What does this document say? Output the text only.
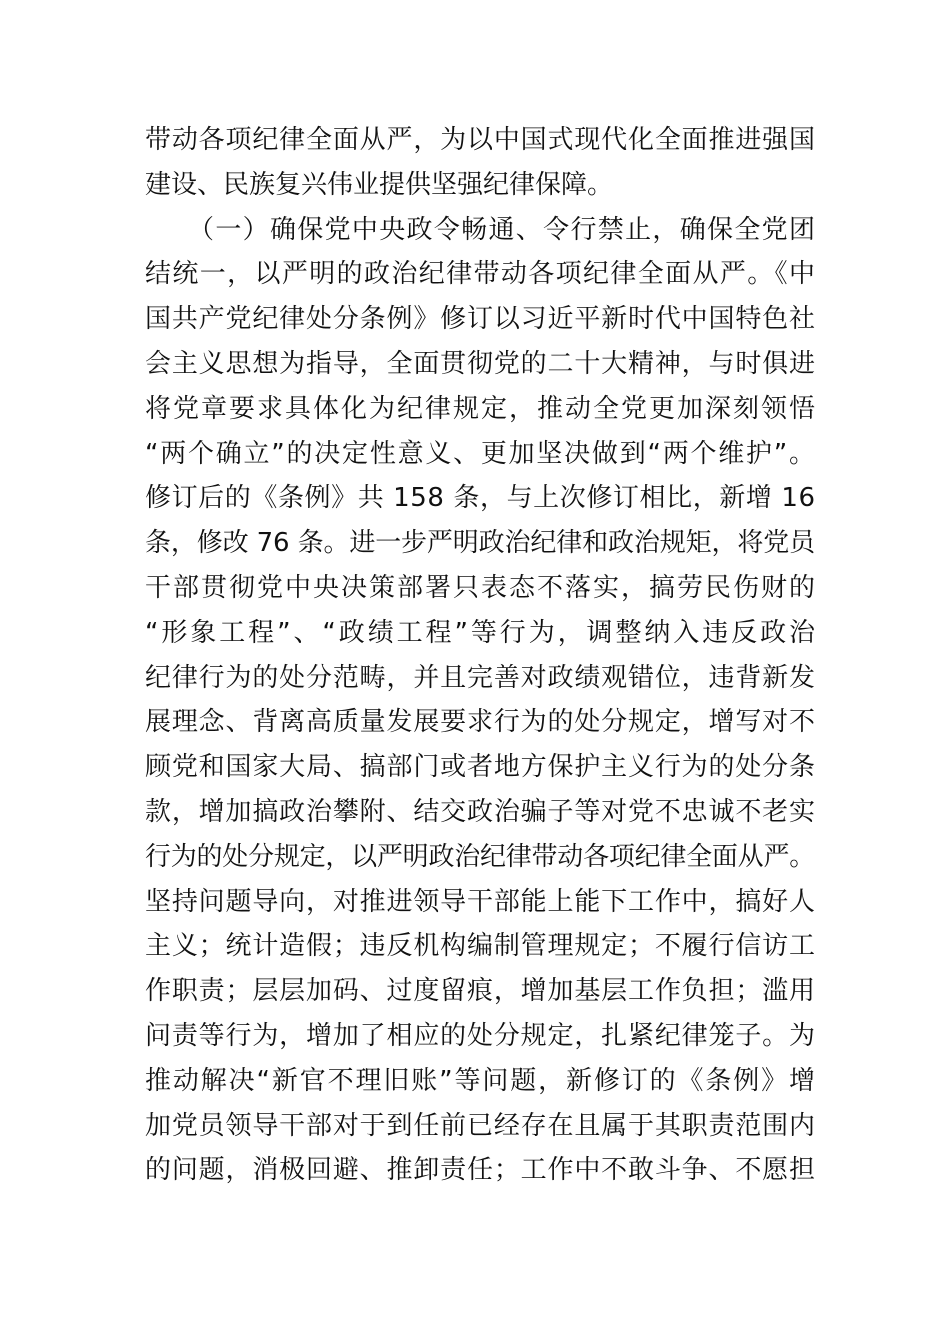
带动各项纪律全面从严，为以中国式现代化全面推进强国
建设、民族复兴伟业提供坚强纪律保障。
（一）确保党中央政令畅通、令行禁止，确保全党团
结统一，以严明的政治纪律带动各项纪律全面从严。《中
国共产党纪律处分条例》修订以习近平新时代中国特色社
会主义思想为指导，全面贯彻党的二十大精神，与时俱进
将党章要求具体化为纪律规定，推动全党更加深刻领悟
“两个确立”的决定性意义、更加坚决做到“两个维护”。
修订后的《条例》共 158 条，与上次修订相比，新增 16
条，修改 76 条。进一步严明政治纪律和政治规矩，将党员
干部贯彻党中央决策部署只表态不落实，搞劳民伤财的
“形象工程”、“政绩工程”等行为，调整纳入违反政治
纪律行为的处分范畴，并且完善对政绩观错位，违背新发
展理念、背离高质量发展要求行为的处分规定，增写对不
顾党和国家大局、搞部门或者地方保护主义行为的处分条
款，增加搞政治攀附、结交政治骗子等对党不忠诚不老实
行为的处分规定，以严明政治纪律带动各项纪律全面从严。
坚持问题导向，对推进领导干部能上能下工作中，搞好人
主义；统计造假；违反机构编制管理规定；不履行信访工
作职责；层层加码、过度留痕，增加基层工作负担；滥用
问责等行为，增加了相应的处分规定，扎紧纪律笼子。为
推动解决“新官不理旧账”等问题，新修订的《条例》增
加党员领导干部对于到任前已经存在且属于其职责范围内
的问题，消极回避、推卸责任；工作中不敢斗争、不愿担
